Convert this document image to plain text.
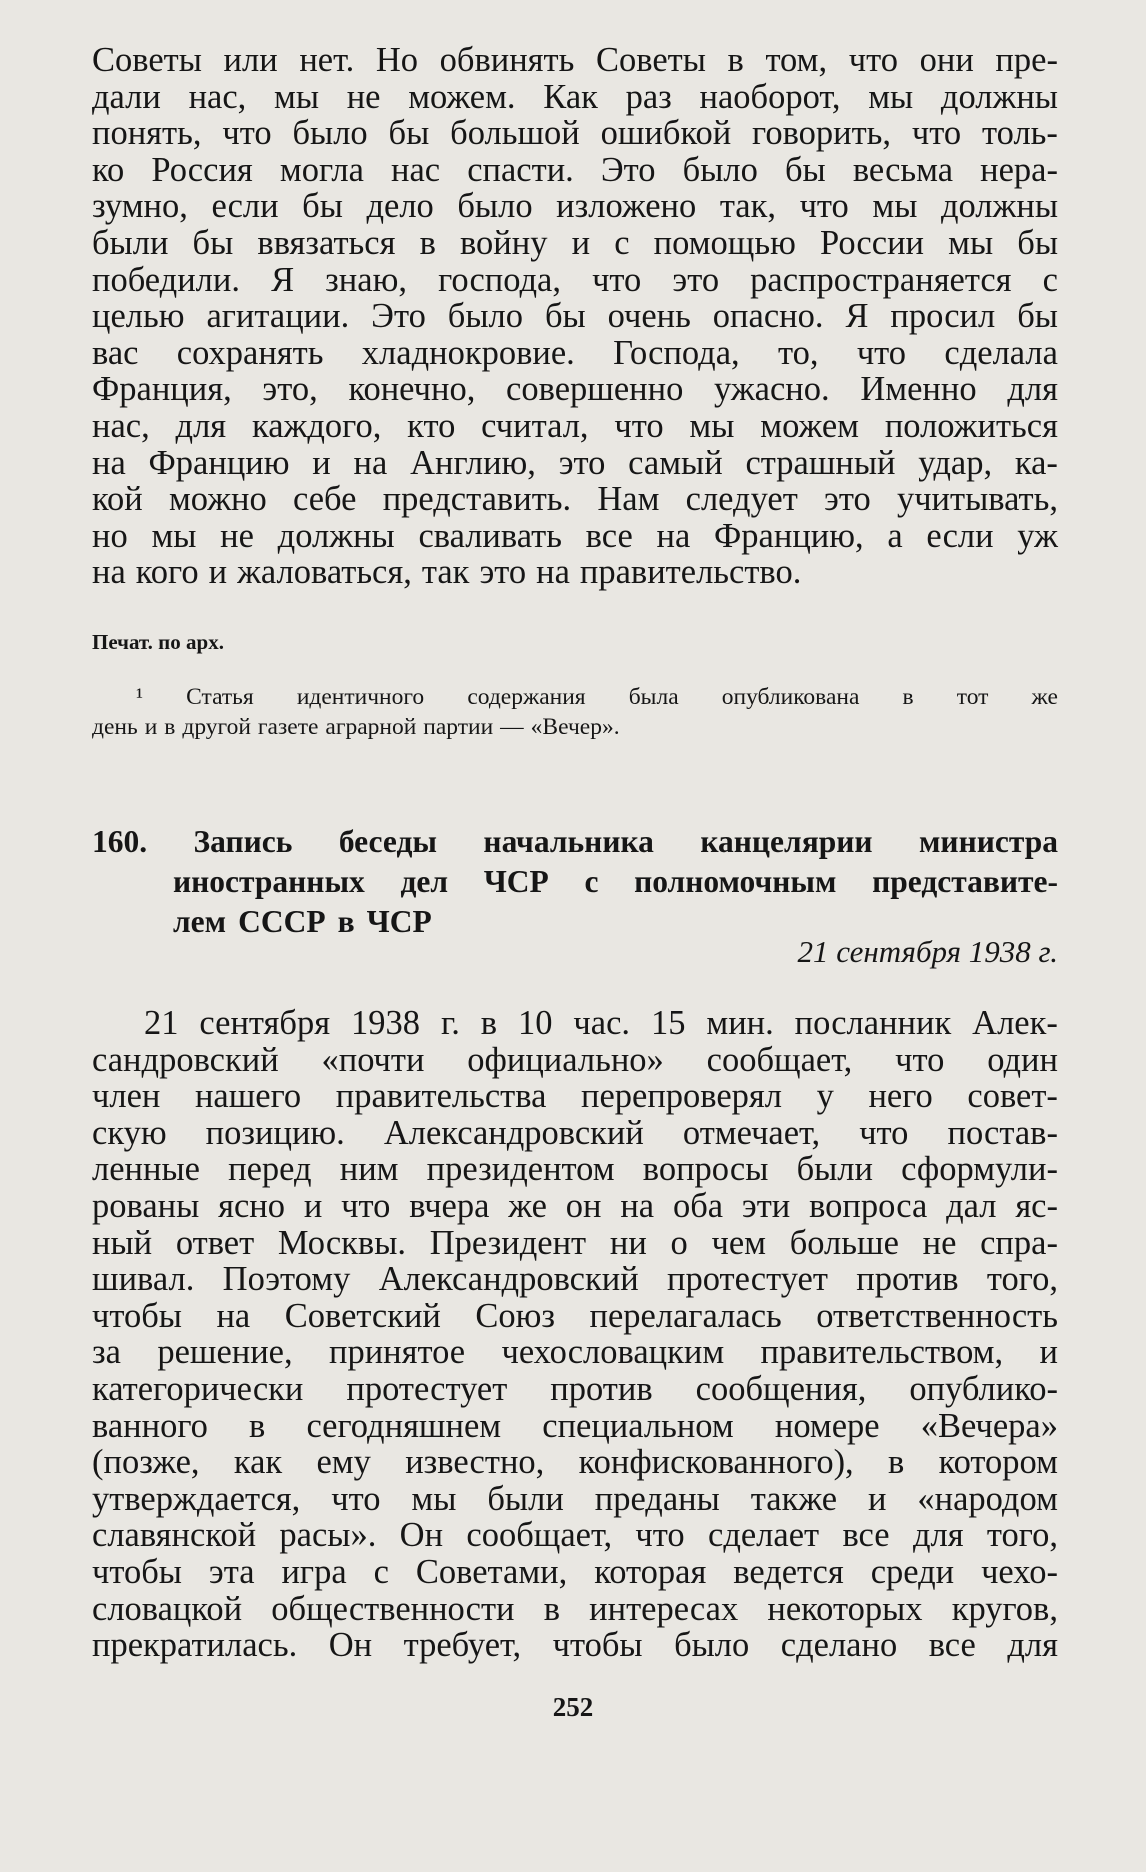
Советы или нет. Но обвинять Советы в том, что они пре-
дали нас, мы не можем. Как раз наоборот, мы должны
понять, что было бы большой ошибкой говорить, что толь-
ко Россия могла нас спасти. Это было бы весьма нера-
зумно, если бы дело было изложено так, что мы должны
были бы ввязаться в войну и с помощью России мы бы
победили. Я знаю, господа, что это распространяется с
целью агитации. Это было бы очень опасно. Я просил бы
вас сохранять хладнокровие. Господа, то, что сделала
Франция, это, конечно, совершенно ужасно. Именно для
нас, для каждого, кто считал, что мы можем положиться
на Францию и на Англию, это самый страшный удар, ка-
кой можно себе представить. Нам следует это учитывать,
но мы не должны сваливать все на Францию, а если уж
на кого и жаловаться, так это на правительство.
Печат. по арх.
¹ Статья идентичного содержания была опубликована в тот же
день и в другой газете аграрной партии — «Вечер».
160. Запись беседы начальника канцелярии министра
иностранных дел ЧСР с полномочным представите-
лем СССР в ЧСР
21 сентября 1938 г.
21 сентября 1938 г. в 10 час. 15 мин. посланник Алек-
сандровский «почти официально» сообщает, что один
член нашего правительства перепроверял у него совет-
скую позицию. Александровский отмечает, что постав-
ленные перед ним президентом вопросы были сформули-
рованы ясно и что вчера же он на оба эти вопроса дал яс-
ный ответ Москвы. Президент ни о чем больше не спра-
шивал. Поэтому Александровский протестует против того,
чтобы на Советский Союз перелагалась ответственность
за решение, принятое чехословацким правительством, и
категорически протестует против сообщения, опублико-
ванного в сегодняшнем специальном номере «Вечера»
(позже, как ему известно, конфискованного), в котором
утверждается, что мы были преданы также и «народом
славянской расы». Он сообщает, что сделает все для того,
чтобы эта игра с Советами, которая ведется среди чехо-
словацкой общественности в интересах некоторых кругов,
прекратилась. Он требует, чтобы было сделано все для
252
